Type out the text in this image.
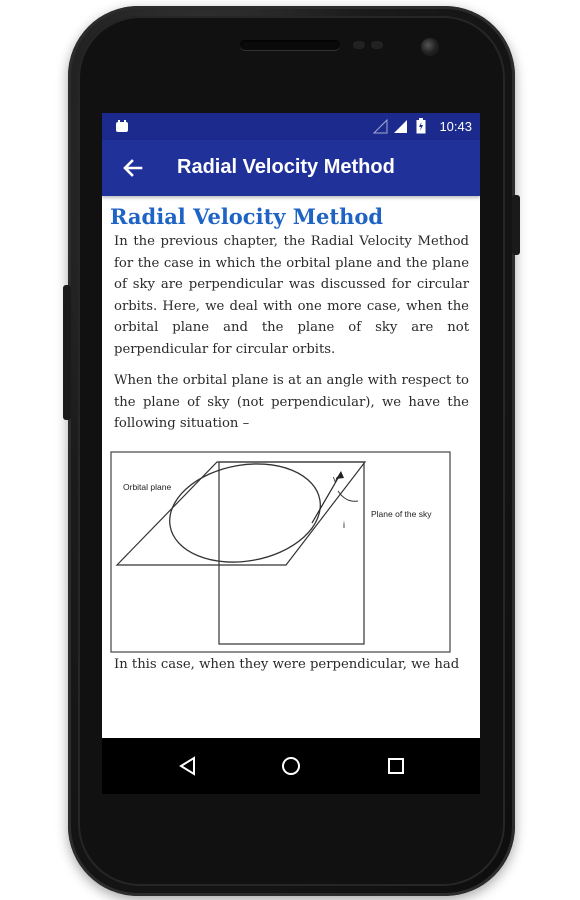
10:43
Radial Velocity Method
Radial Velocity Method

In the previous chapter, the Radial Velocity Method for the case in which the orbital plane and the plane of sky are perpendicular was discussed for circular orbits. Here, we deal with one more case, when the orbital plane and the plane of sky are not perpendicular for circular orbits.

When the orbital plane is at an angle with respect to the plane of sky (not perpendicular), we have the following situation –

Orbital plane
Plane of the sky
v
i

In this case, when they were perpendicular, we had
